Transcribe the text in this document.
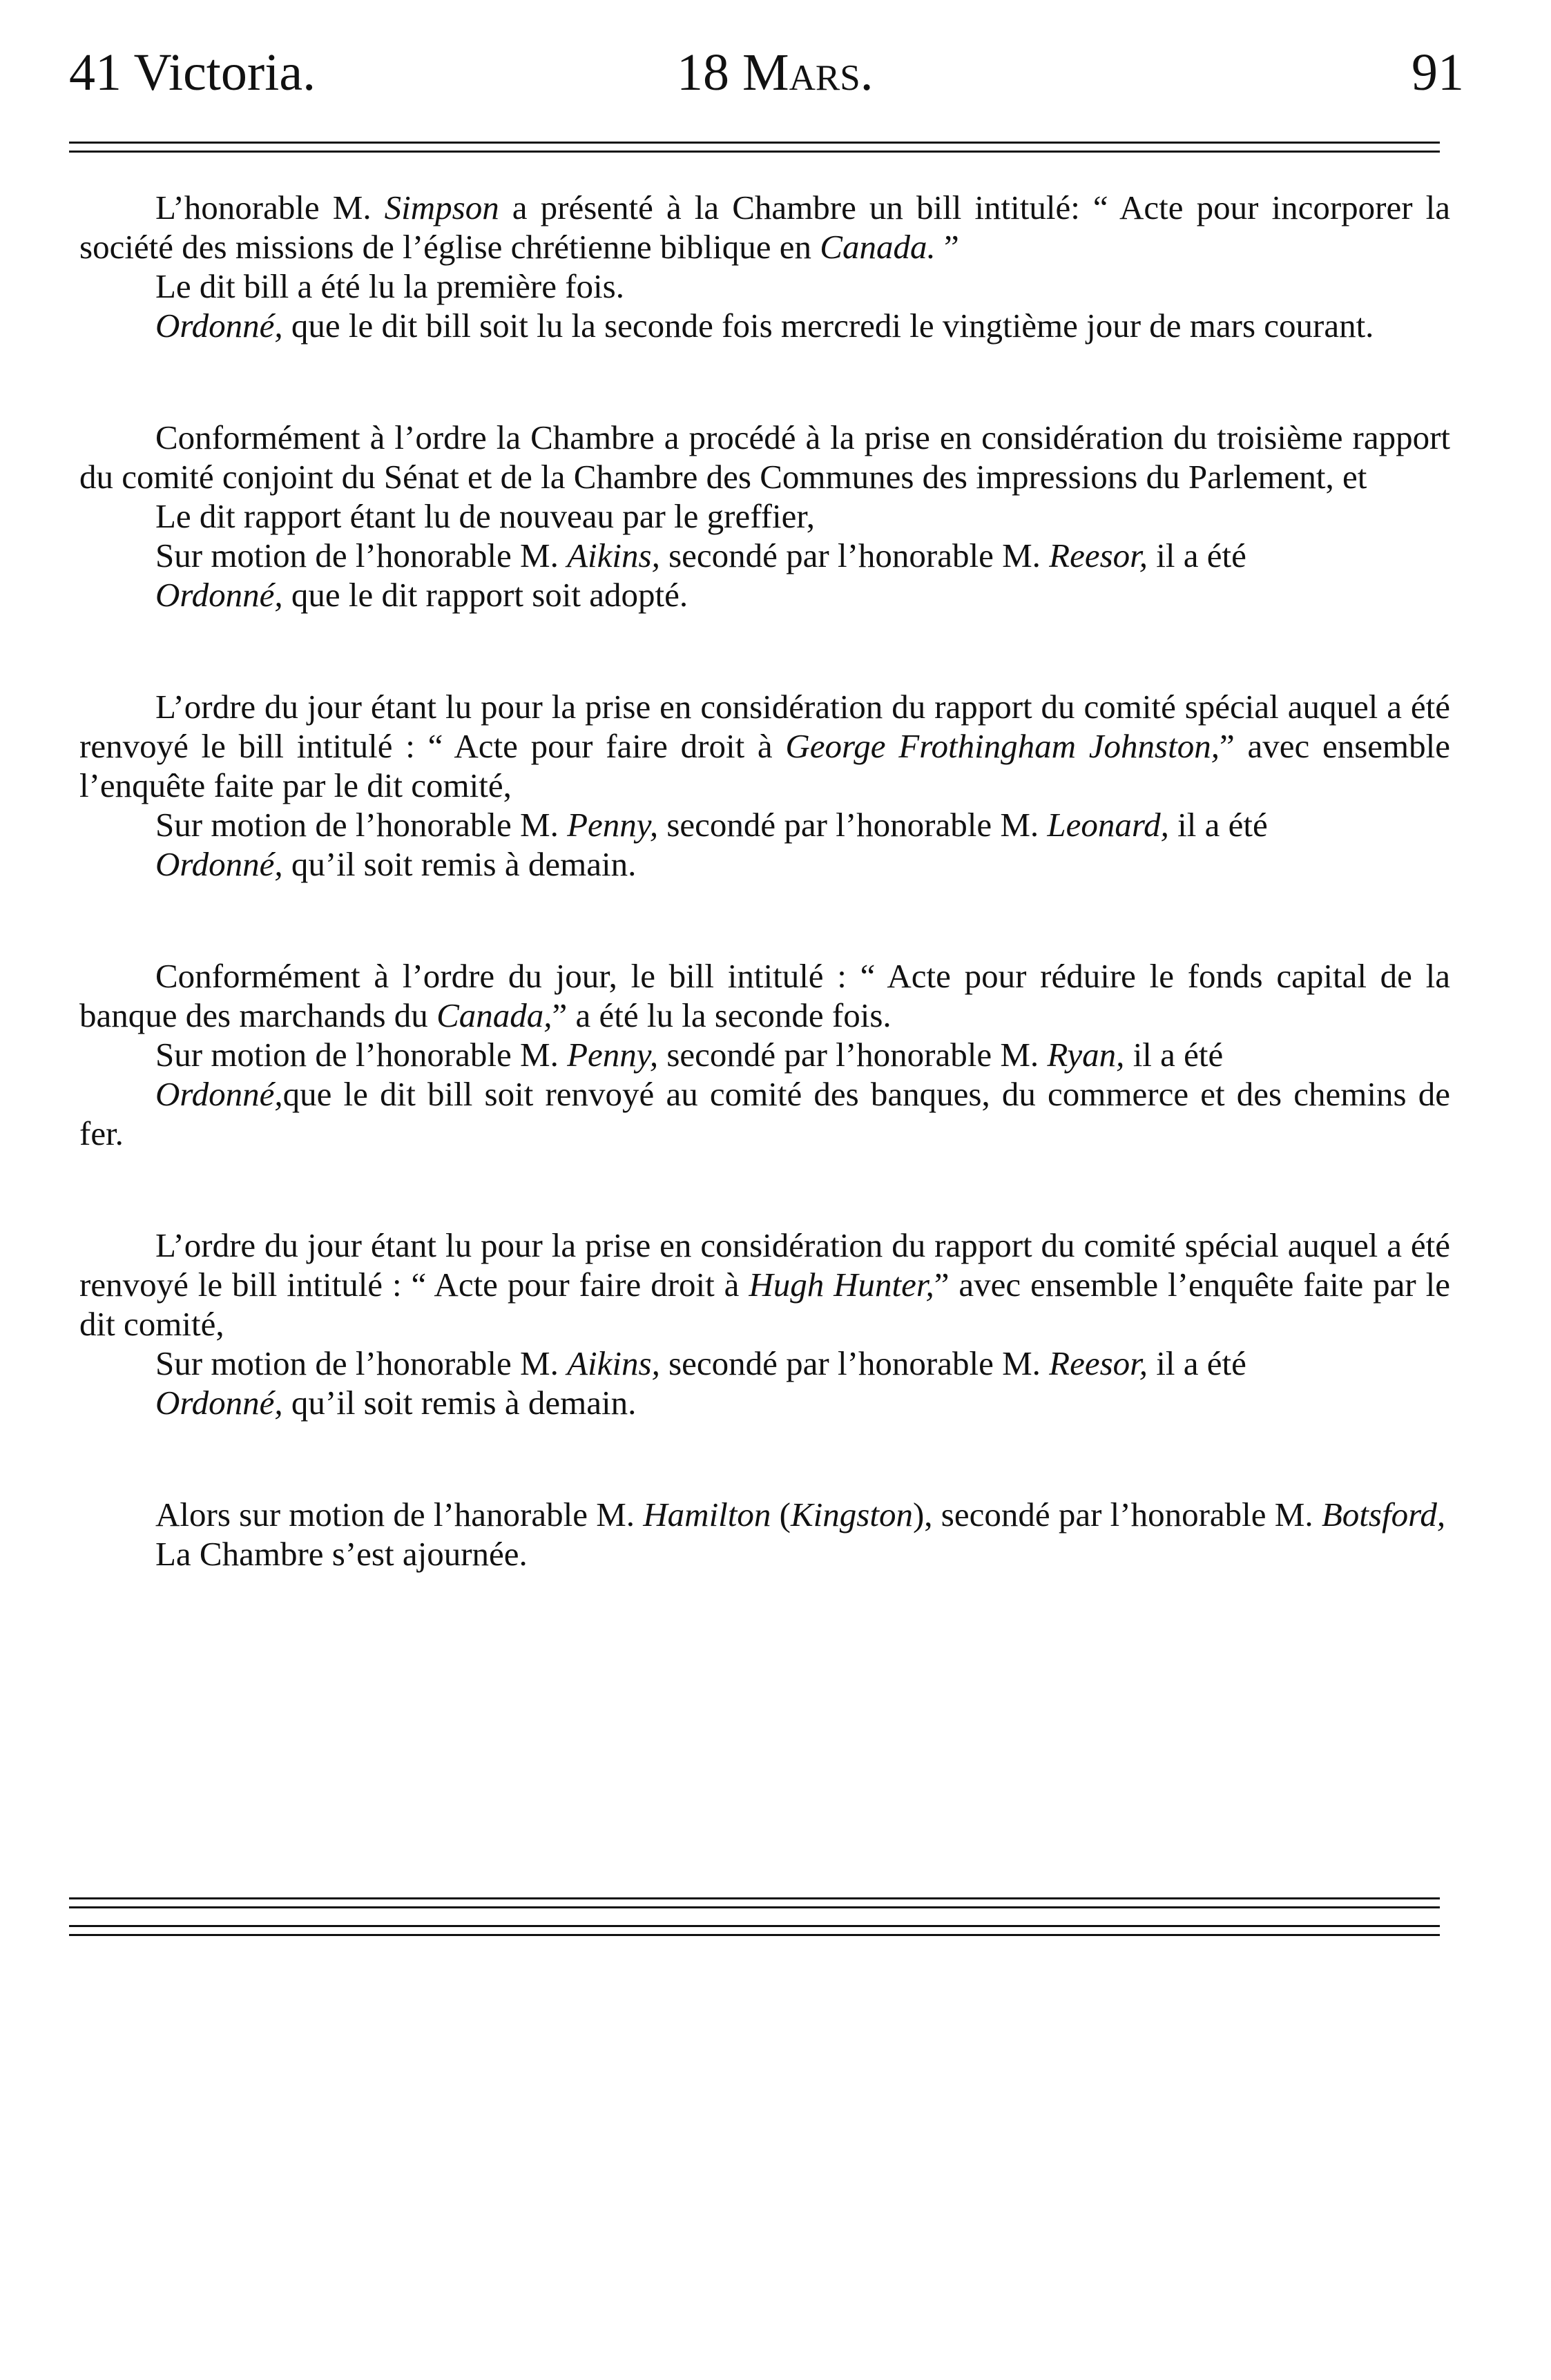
41 Victoria.	18 Mars.	91
L’honorable M. Simpson a présenté à la Chambre un bill intitulé: “ Acte pour incorporer la société des missions de l’église chrétienne biblique en Canada. ”
Le dit bill a été lu la première fois.
Ordonné, que le dit bill soit lu la seconde fois mercredi le vingtième jour de mars courant.
Conformément à l’ordre la Chambre a procédé à la prise en considération du troisième rapport du comité conjoint du Sénat et de la Chambre des Communes des impressions du Parlement, et
Le dit rapport étant lu de nouveau par le greffier,
Sur motion de l’honorable M. Aikins, secondé par l’honorable M. Reesor, il a été
Ordonné, que le dit rapport soit adopté.
L’ordre du jour étant lu pour la prise en considération du rapport du comité spécial auquel a été renvoyé le bill intitulé : “ Acte pour faire droit à George Frothingham Johnston,” avec ensemble l’enquête faite par le dit comité,
Sur motion de l’honorable M. Penny, secondé par l’honorable M. Leonard, il a été
Ordonné, qu’il soit remis à demain.
Conformément à l’ordre du jour, le bill intitulé : “ Acte pour réduire le fonds capital de la banque des marchands du Canada,” a été lu la seconde fois.
Sur motion de l’honorable M. Penny, secondé par l’honorable M. Ryan, il a été
Ordonné,que le dit bill soit renvoyé au comité des banques, du commerce et des chemins de fer.
L’ordre du jour étant lu pour la prise en considération du rapport du comité spécial auquel a été renvoyé le bill intitulé : “ Acte pour faire droit à Hugh Hunter,” avec ensemble l’enquête faite par le dit comité,
Sur motion de l’honorable M. Aikins, secondé par l’honorable M. Reesor, il a été
Ordonné, qu’il soit remis à demain.
Alors sur motion de l’hanorable M. Hamilton (Kingston), secondé par l’honorable M. Botsford,
La Chambre s’est ajournée.
